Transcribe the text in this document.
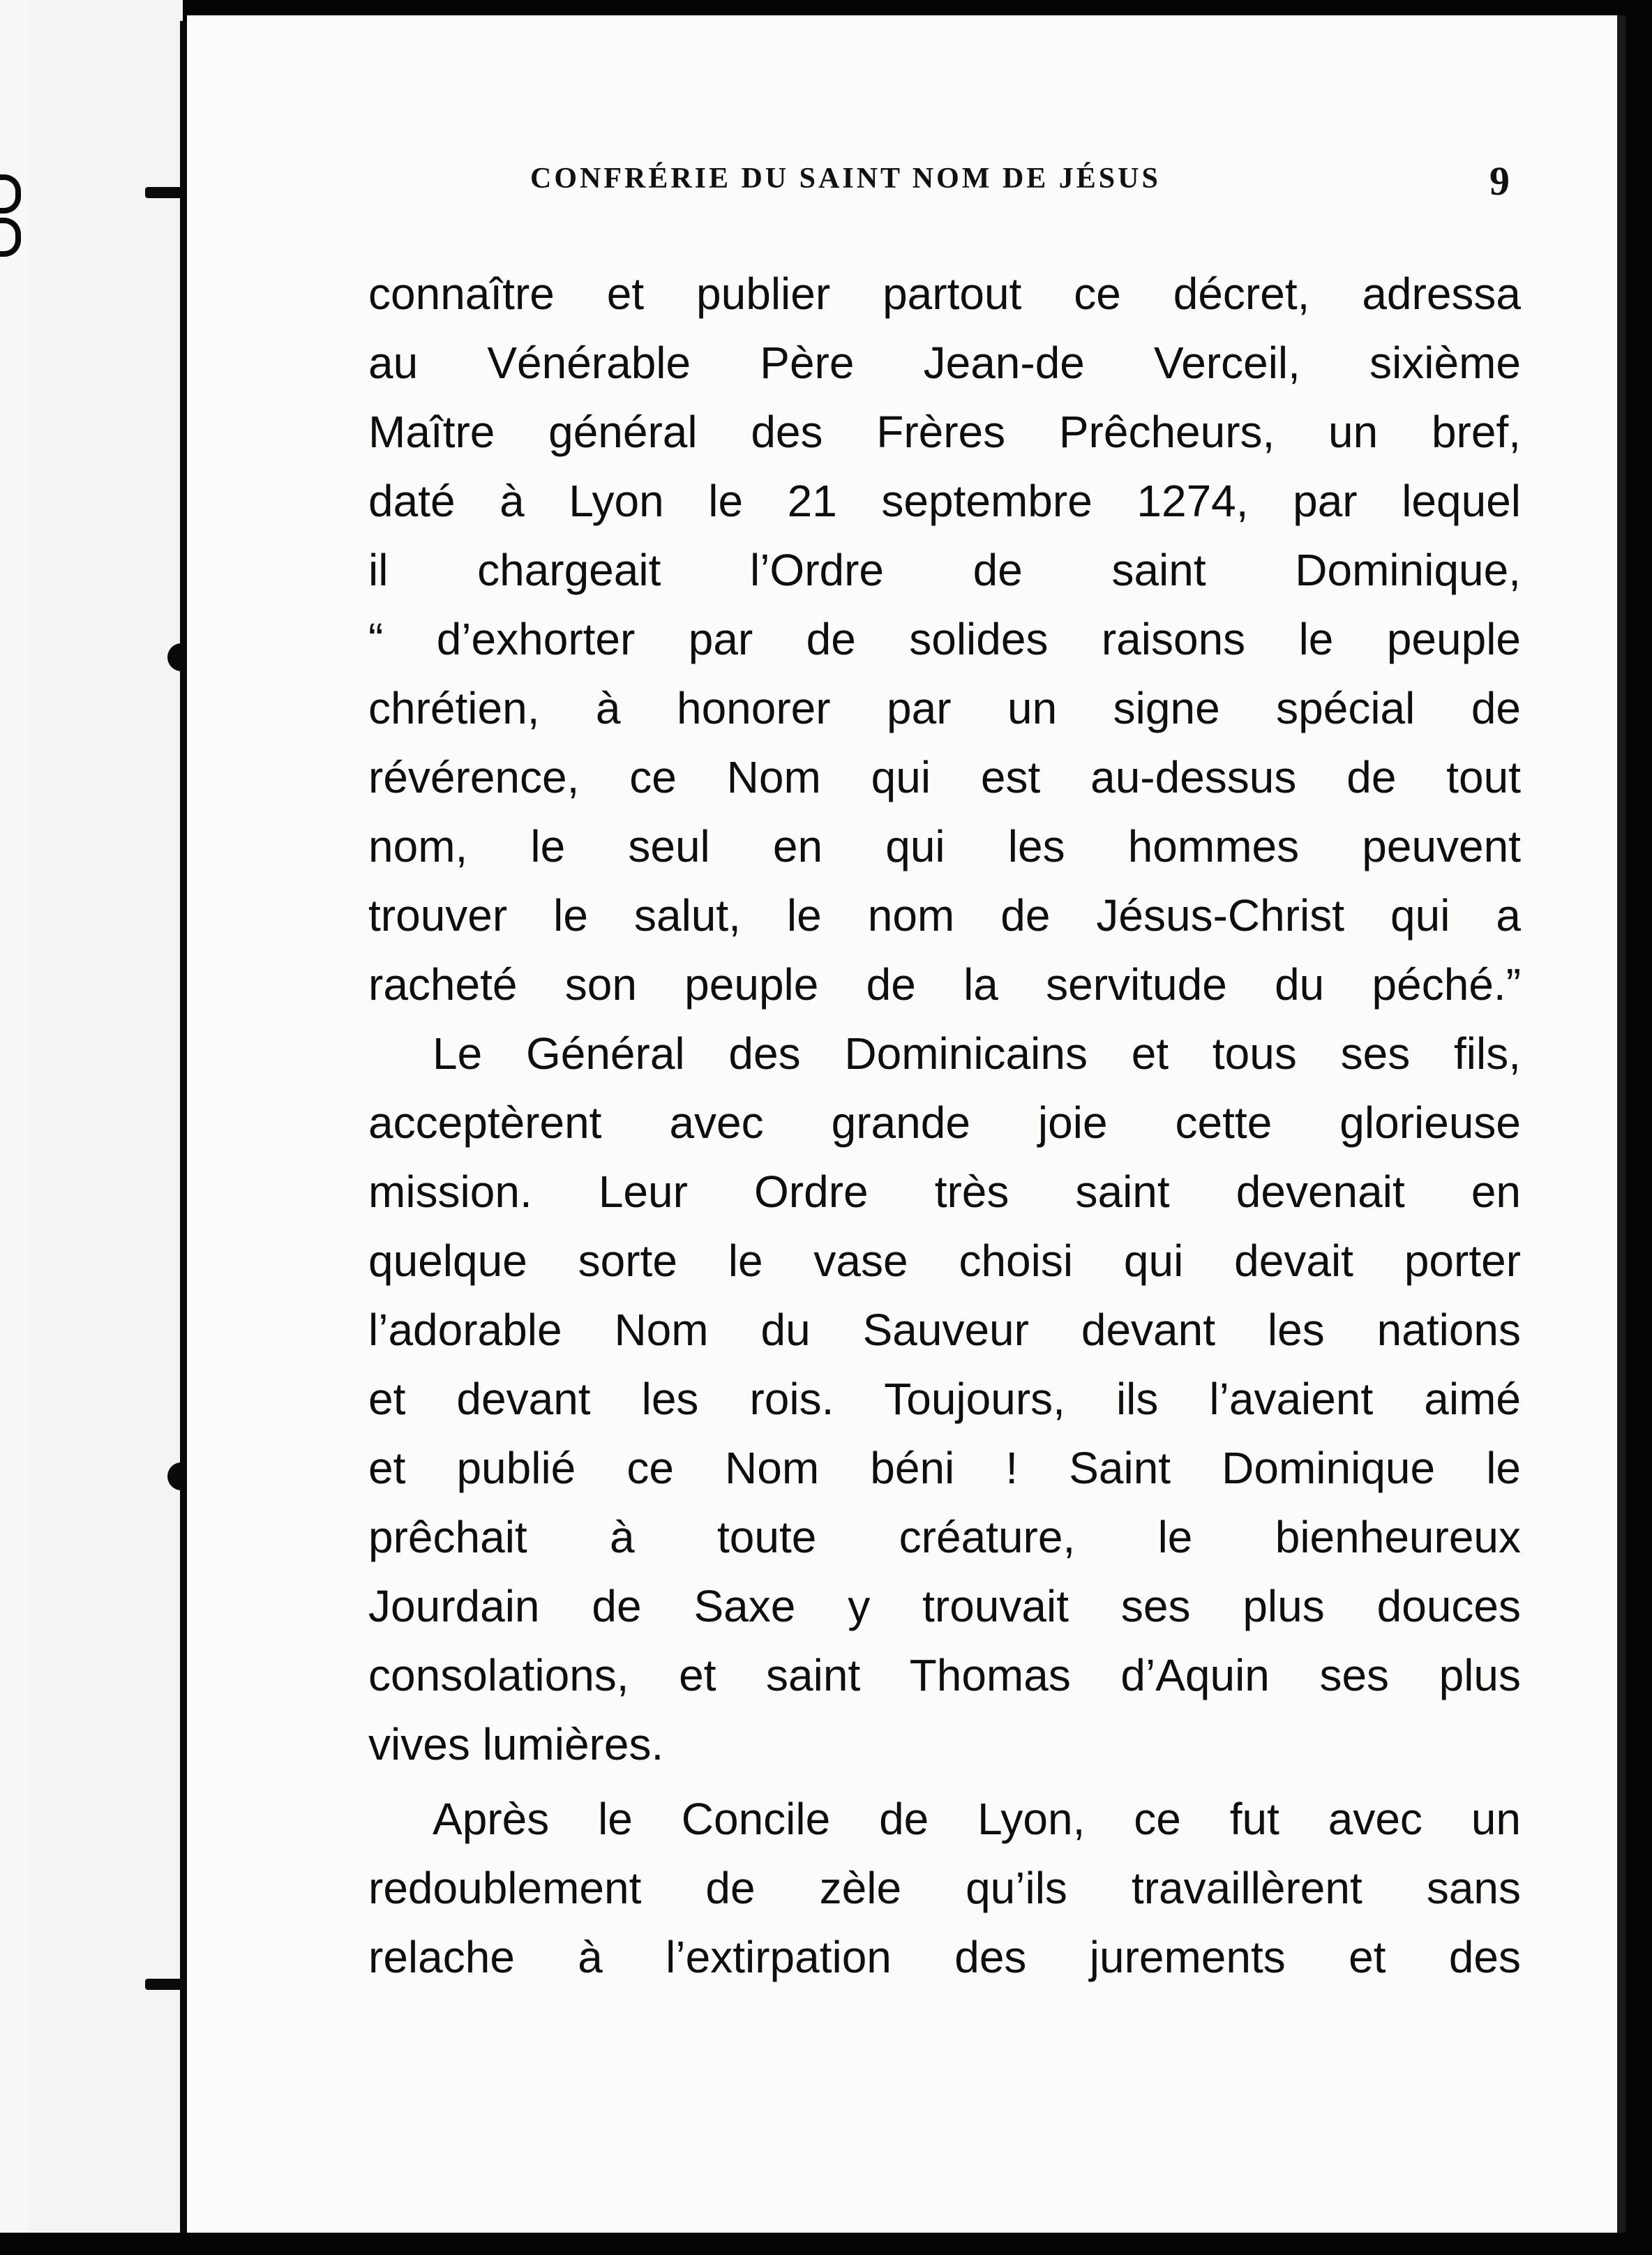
CONFRÉRIE DU SAINT NOM DE JÉSUS	9
connaître et publier partout ce décret, adressa
au Vénérable Père Jean-de Verceil, sixième
Maître général des Frères Prêcheurs, un bref,
daté à Lyon le 21 septembre 1274, par lequel
il chargeait l’Ordre de saint Dominique,
“ d’exhorter par de solides raisons le peuple
chrétien, à honorer par un signe spécial de
révérence, ce Nom qui est au-dessus de tout
nom, le seul en qui les hommes peuvent
trouver le salut, le nom de Jésus-Christ qui a
racheté son peuple de la servitude du péché.”
Le Général des Dominicains et tous ses fils,
acceptèrent avec grande joie cette glorieuse
mission. Leur Ordre très saint devenait en
quelque sorte le vase choisi qui devait porter
l’adorable Nom du Sauveur devant les nations
et devant les rois. Toujours, ils l’avaient aimé
et publié ce Nom béni ! Saint Dominique le
prêchait à toute créature, le bienheureux
Jourdain de Saxe y trouvait ses plus douces
consolations, et saint Thomas d’Aquin ses plus
vives lumières.
Après le Concile de Lyon, ce fut avec un
redoublement de zèle qu’ils travaillèrent sans
relache à l’extirpation des jurements et des
